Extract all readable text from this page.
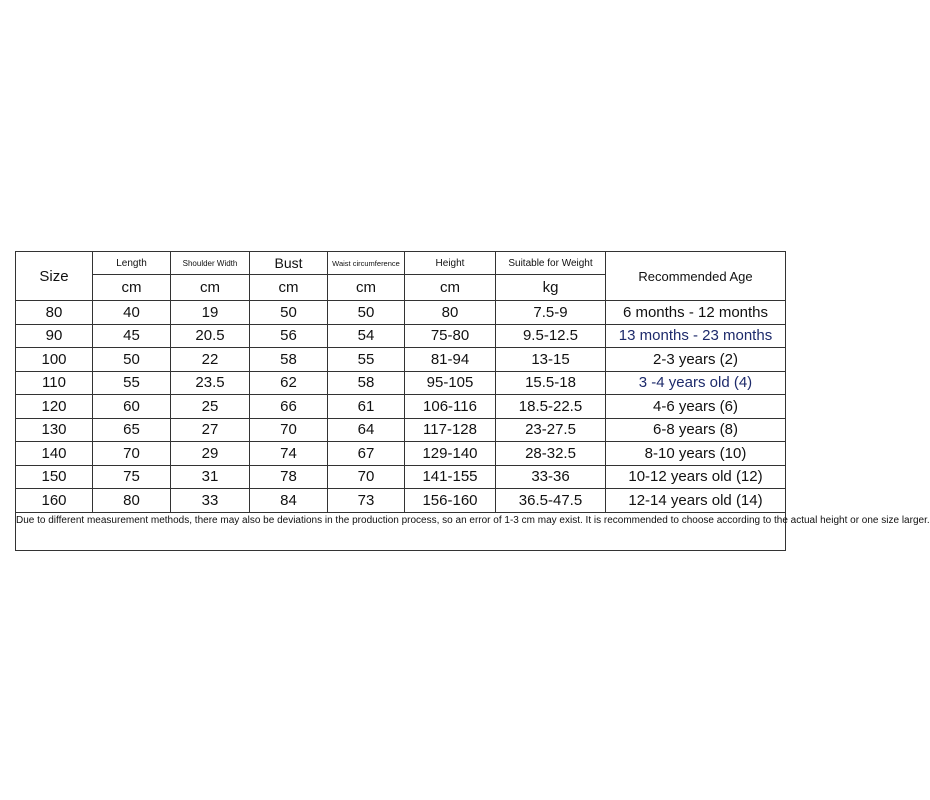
Size	Length	Shoulder Width	Bust	Waist circumference	Height	Suitable for Weight	Recommended Age
	cm	cm	cm	cm	cm	kg	
80	40	19	50	50	80	7.5-9	6 months - 12 months
90	45	20.5	56	54	75-80	9.5-12.5	13 months - 23 months
100	50	22	58	55	81-94	13-15	2-3 years (2)
110	55	23.5	62	58	95-105	15.5-18	3 -4 years old (4)
120	60	25	66	61	106-116	18.5-22.5	4-6 years (6)
130	65	27	70	64	117-128	23-27.5	6-8 years (8)
140	70	29	74	67	129-140	28-32.5	8-10 years (10)
150	75	31	78	70	141-155	33-36	10-12 years old (12)
160	80	33	84	73	156-160	36.5-47.5	12-14 years old (14)
Due to different measurement methods, there may also be deviations in the production process, so an error of 1-3 cm may exist. It is recommended to choose according to the actual height or one size larger.							
